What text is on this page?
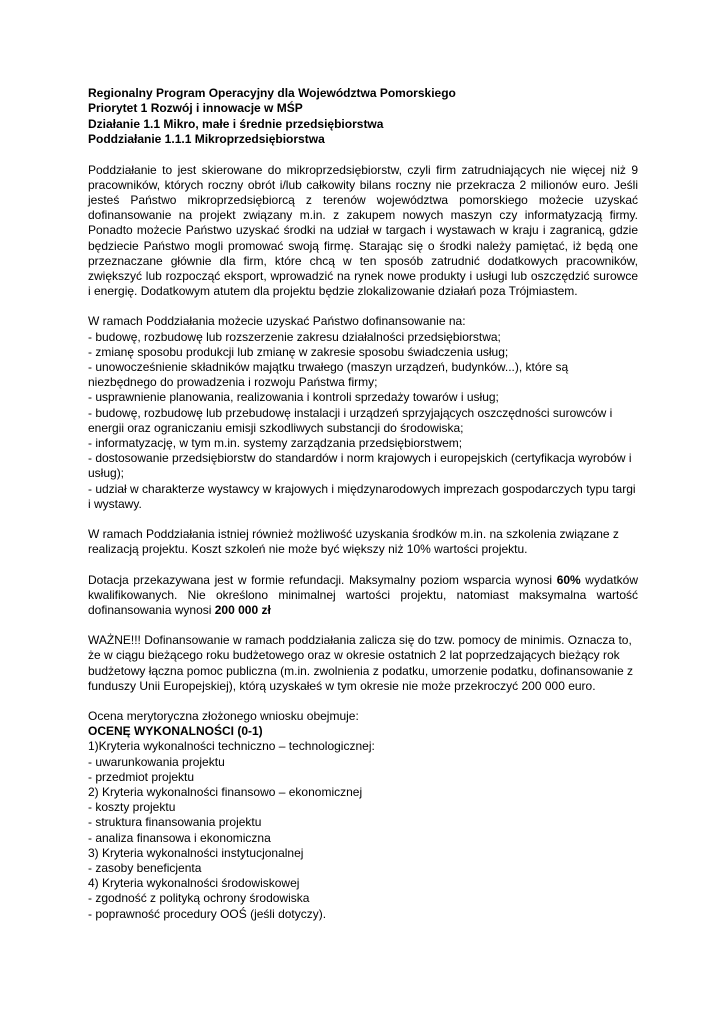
Regionalny Program Operacyjny dla Województwa Pomorskiego
Priorytet 1 Rozwój i innowacje w MŚP
Działanie 1.1 Mikro, małe i średnie przedsiębiorstwa
Poddziałanie 1.1.1 Mikroprzedsiębiorstwa

Poddziałanie to jest skierowane do mikroprzedsiębiorstw, czyli firm zatrudniających nie więcej niż 9 pracowników, których roczny obrót i/lub całkowity bilans roczny nie przekracza 2 milionów euro. Jeśli jesteś Państwo mikroprzedsiębiorcą z terenów województwa pomorskiego możecie uzyskać dofinansowanie na projekt związany m.in. z zakupem nowych maszyn czy informatyzacją firmy. Ponadto możecie Państwo uzyskać środki na udział w targach i wystawach w kraju i zagranicą, gdzie będziecie Państwo mogli promować swoją firmę. Starając się o środki należy pamiętać, iż będą one przeznaczane głównie dla firm, które chcą w ten sposób zatrudnić dodatkowych pracowników, zwiększyć lub rozpocząć eksport, wprowadzić na rynek nowe produkty i usługi lub oszczędzić surowce i energię. Dodatkowym atutem dla projektu będzie zlokalizowanie działań poza Trójmiastem.

W ramach Poddziałania możecie uzyskać Państwo dofinansowanie na:
- budowę, rozbudowę lub rozszerzenie zakresu działalności przedsiębiorstwa;
- zmianę sposobu produkcji lub zmianę w zakresie sposobu świadczenia usług;
- unowocześnienie składników majątku trwałego (maszyn urządzeń, budynków...), które są niezbędnego do prowadzenia i rozwoju Państwa firmy;
- usprawnienie planowania, realizowania i kontroli sprzedaży towarów i usług;
- budowę, rozbudowę lub przebudowę instalacji i urządzeń sprzyjających oszczędności surowców i energii oraz ograniczaniu emisji szkodliwych substancji do środowiska;
- informatyzację, w tym m.in. systemy zarządzania przedsiębiorstwem;
- dostosowanie przedsiębiorstw do standardów i norm krajowych i europejskich (certyfikacja wyrobów i usług);
- udział w charakterze wystawcy w krajowych i międzynarodowych imprezach gospodarczych typu targi i wystawy.

W ramach Poddziałania istniej również możliwość uzyskania środków m.in. na szkolenia związane z realizacją projektu. Koszt szkoleń nie może być większy niż 10% wartości projektu.

Dotacja przekazywana jest w formie refundacji. Maksymalny poziom wsparcia wynosi 60% wydatków kwalifikowanych. Nie określono minimalnej wartości projektu, natomiast maksymalna wartość dofinansowania wynosi 200 000 zł

WAŻNE!!! Dofinansowanie w ramach poddziałania zalicza się do tzw. pomocy de minimis. Oznacza to, że w ciągu bieżącego roku budżetowego oraz w okresie ostatnich 2 lat poprzedzających bieżący rok budżetowy łączna pomoc publiczna (m.in. zwolnienia z podatku, umorzenie podatku, dofinansowanie z funduszy Unii Europejskiej), którą uzyskałeś w tym okresie nie może przekroczyć 200 000 euro.

Ocena merytoryczna złożonego wniosku obejmuje:
OCENĘ WYKONALNOŚCI (0-1)
1)Kryteria wykonalności techniczno – technologicznej:
- uwarunkowania projektu
- przedmiot projektu
2) Kryteria wykonalności finansowo – ekonomicznej
- koszty projektu
- struktura finansowania projektu
- analiza finansowa i ekonomiczna
3) Kryteria wykonalności instytucjonalnej
- zasoby beneficjenta
4) Kryteria wykonalności środowiskowej
- zgodność z polityką ochrony środowiska
- poprawność procedury OOŚ (jeśli dotyczy).
